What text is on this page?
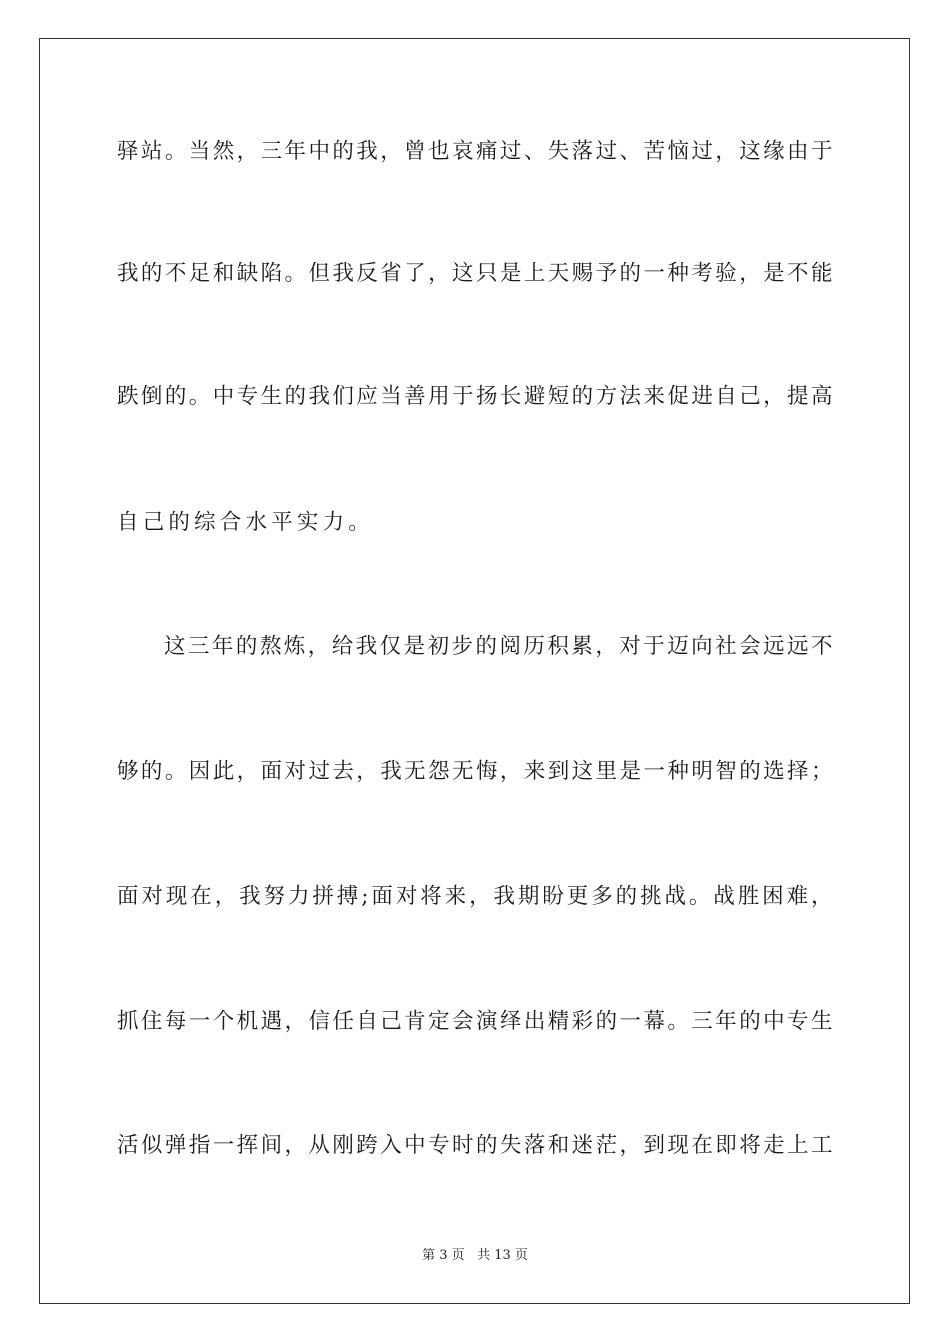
驿站。当然，三年中的我，曾也哀痛过、失落过、苦恼过，这缘由于
我的不足和缺陷。但我反省了，这只是上天赐予的一种考验，是不能
跌倒的。中专生的我们应当善用于扬长避短的方法来促进自己，提高
自己的综合水平实力。
这三年的熬炼，给我仅是初步的阅历积累，对于迈向社会远远不
够的。因此，面对过去，我无怨无悔，来到这里是一种明智的选择；
面对现在，我努力拼搏;面对将来，我期盼更多的挑战。战胜困难，
抓住每一个机遇，信任自己肯定会演绎出精彩的一幕。三年的中专生
活似弹指一挥间，从刚跨入中专时的失落和迷茫，到现在即将走上工
第 3 页 共 13 页
